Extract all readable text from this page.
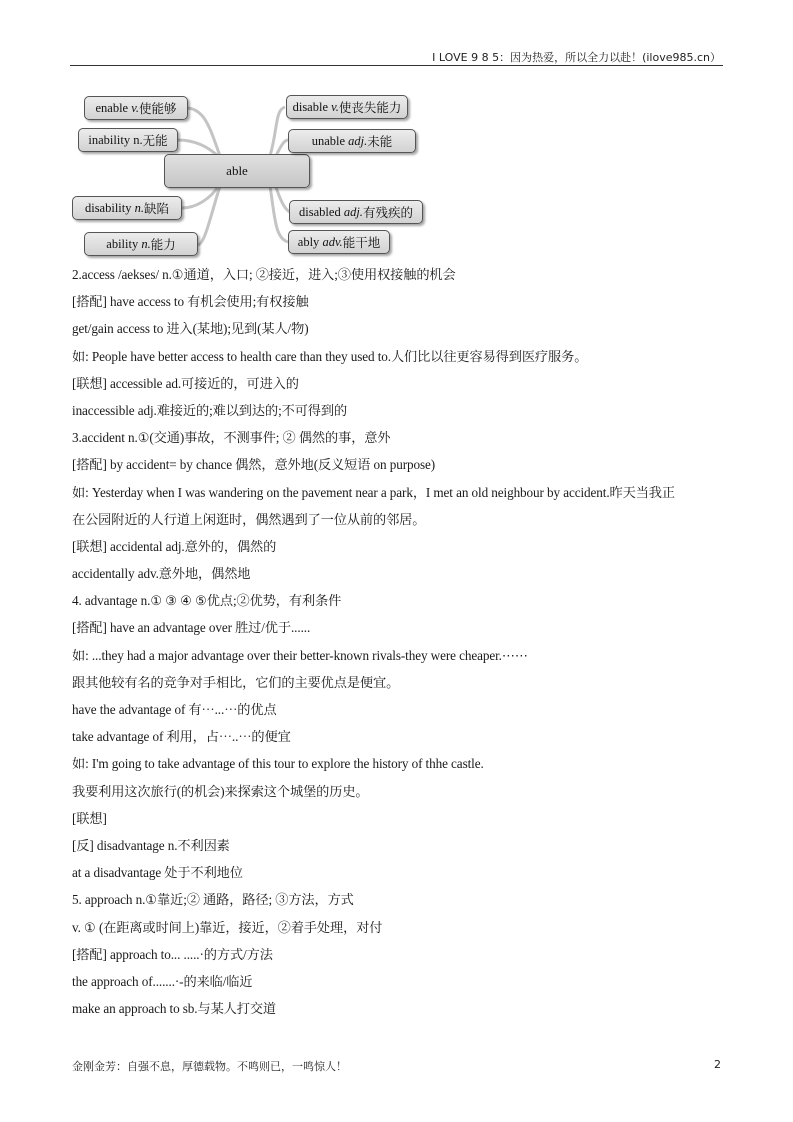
I LOVE 9 8 5：因为热爱，所以全力以赴！(ilove985.cn）
enable
v. 使能够
inability
n. 无能
disability
n. 缺陷
ability
n. 能力
able
disable
v. 使丧失能力
unable
adj. 未能
disabled
adj. 有残疾的
ably
adv. 能干地
2.access /aekses/ n.①通道，入口; ②接近，进入;③使用权接触的机会
[搭配] have access to 有机会使用;有权接触
get/gain access to 进入(某地);见到(某人/物)
如: People have better access to health care than they used to.人们比以往更容易得到医疗服务。
[联想] accessible ad.可接近的，可进入的
inaccessible adj.难接近的;难以到达的;不可得到的
3.accident n.①(交通)事故，不测事件; ② 偶然的事，意外
[搭配] by accident= by chance 偶然，意外地(反义短语 on purpose)
如: Yesterday when I was wandering on the pavement near a park，I met an old neighbour by accident.昨天当我正
在公园附近的人行道上闲逛时，偶然遇到了一位从前的邻居。
[联想] accidental adj.意外的，偶然的
accidentally adv.意外地，偶然地
4. advantage n.① ③ ④ ⑤优点;②优势，有利条件
[搭配] have an advantage over 胜过/优于......
如: ...they had a major advantage over their better-known rivals-they were cheaper.⋯⋯
跟其他较有名的竞争对手相比，它们的主要优点是便宜。
have the advantage of 有⋯...⋯的优点
take advantage of 利用，占⋯..⋯的便宜
如: I'm going to take advantage of this tour to explore the history of thhe castle.
我要利用这次旅行(的机会)来探索这个城堡的历史。
[联想]
[反] disadvantage n.不利因素
at a disadvantage 处于不利地位
5. approach n.①靠近;② 通路，路径; ③方法，方式
v. ① (在距离或时间上)靠近，接近，②着手处理，对付
[搭配] approach to... .....·的方式/方法
the approach of.......·-的来临/临近
make an approach to sb.与某人打交道
金刚金芳：自强不息，厚德载物。不鸣则已，一鸣惊人！	2
